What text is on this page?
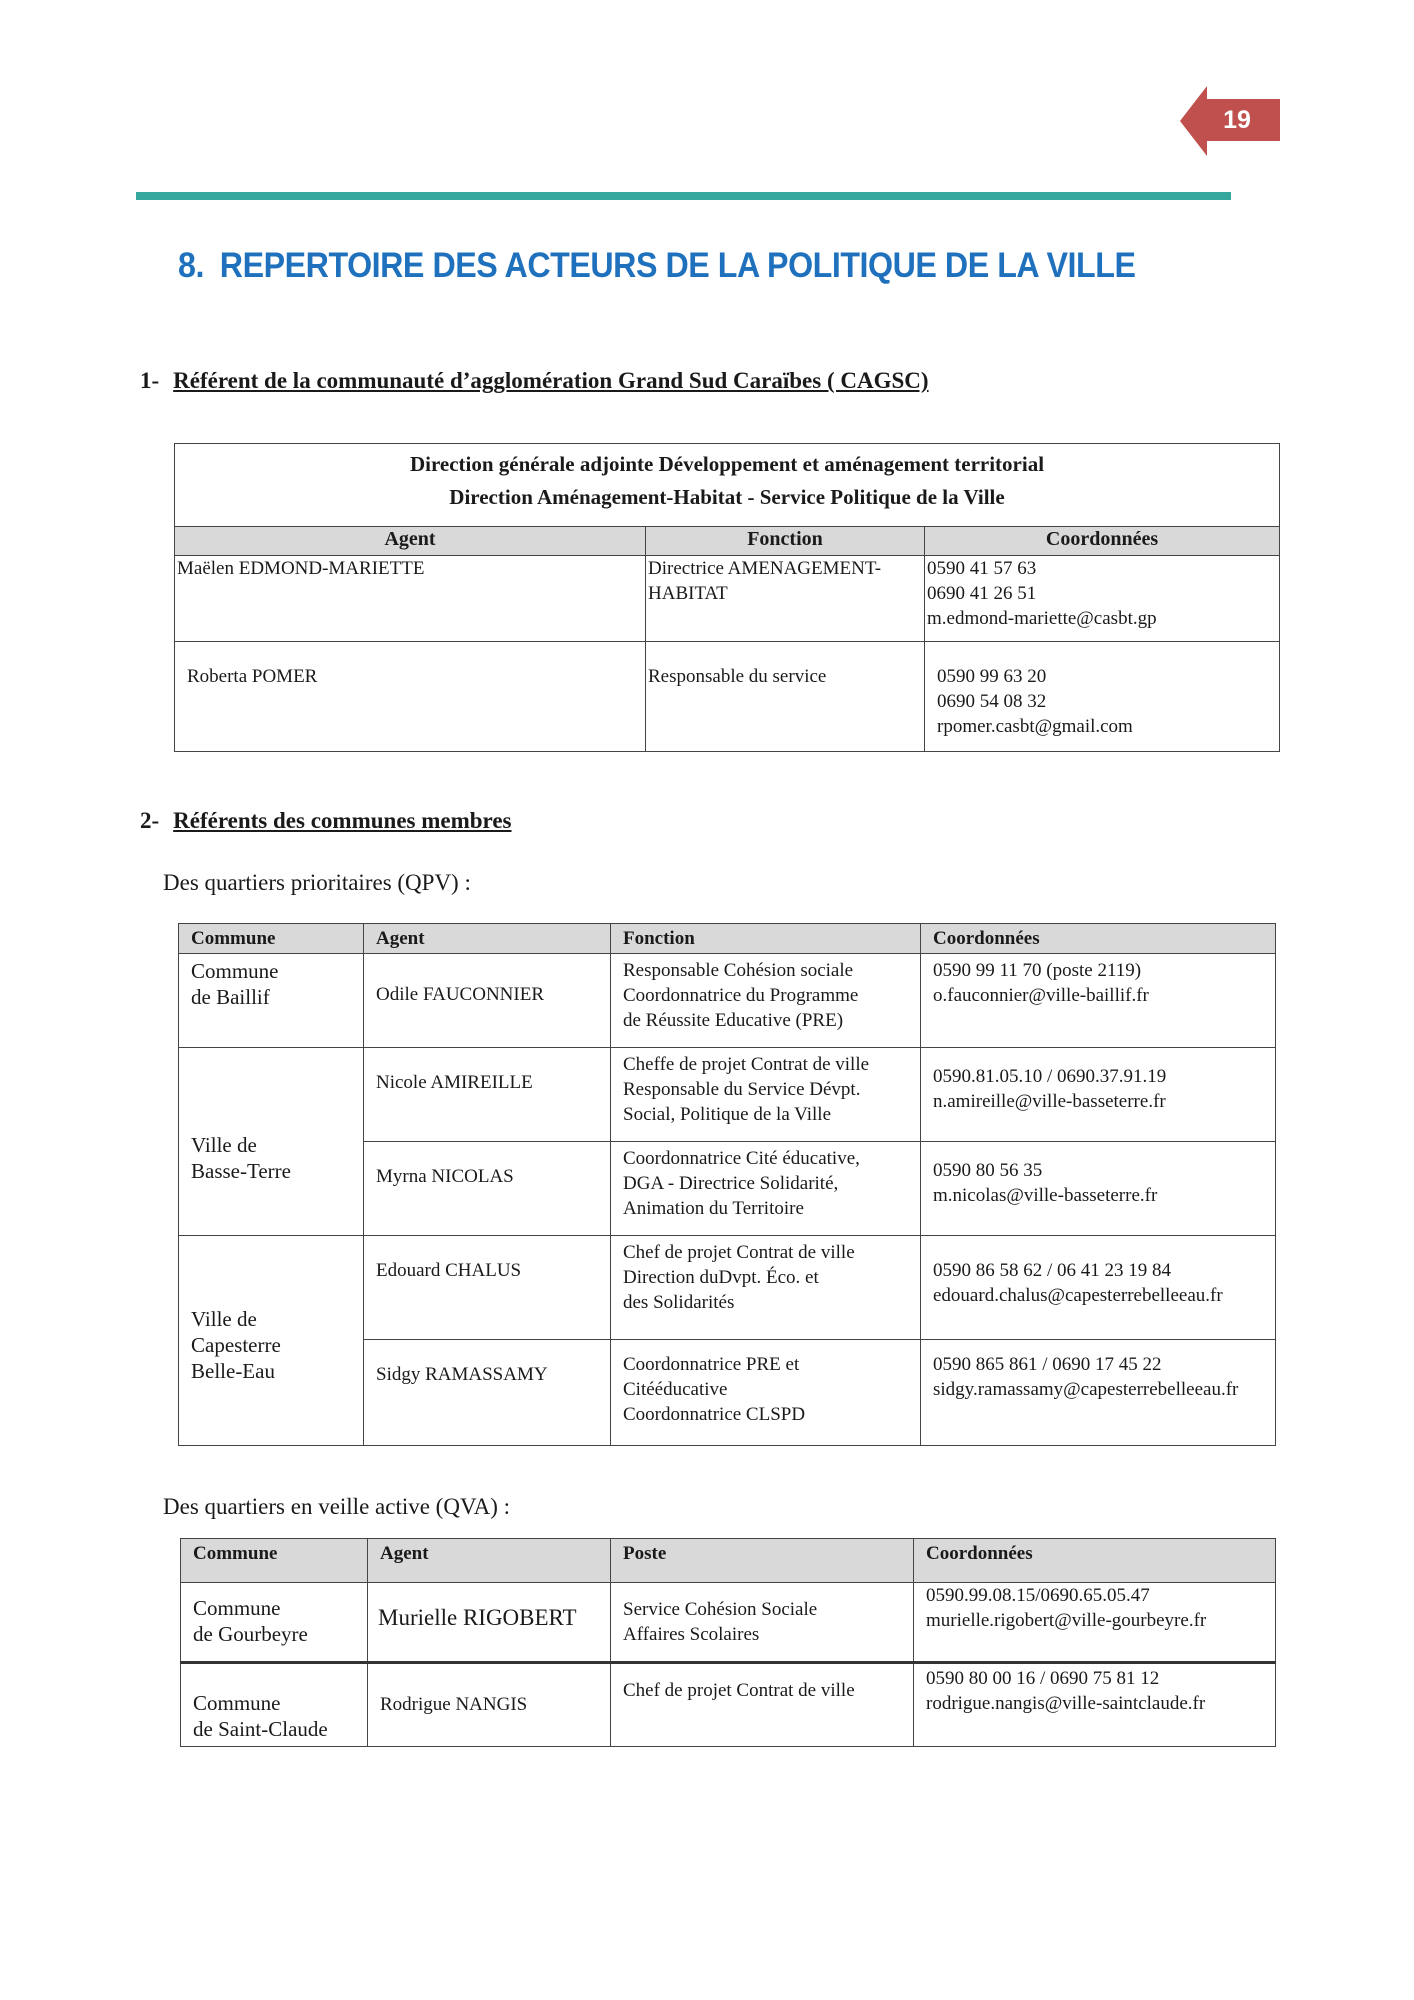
19
8. REPERTOIRE DES ACTEURS DE LA POLITIQUE DE LA VILLE
1- Référent de la communauté d’agglomération Grand Sud Caraïbes ( CAGSC)
Direction générale adjointe Développement et aménagement territorial
Direction Aménagement-Habitat - Service Politique de la Ville		

Agent	Fonction	Coordonnées
Maëlen EDMOND-MARIETTE	Directrice AMENAGEMENT-
HABITAT	0590 41 57 63
0690 41 26 51
m.edmond-mariette@casbt.gp

Roberta POMER	Responsable du service	0590 99 63 20
0690 54 08 32
rpomer.casbt@gmail.com
2- Référents des communes membres
Des quartiers prioritaires (QPV) :
Commune	Agent	Fonction	Coordonnées

Commune
de Baillif	Odile FAUCONNIER	Responsable Cohésion sociale
Coordonnatrice du Programme
de Réussite Educative (PRE)	0590 99 11 70 (poste 2119)
o.fauconnier@ville-baillif.fr

Ville de
Basse-Terre	Nicole AMIREILLE	Cheffe de projet Contrat de ville
Responsable du Service Dévpt.
Social, Politique de la Ville	0590.81.05.10 / 0690.37.91.19
n.amireille@ville-basseterre.fr

	Myrna NICOLAS	Coordonnatrice Cité éducative,
DGA - Directrice Solidarité,
Animation du Territoire	0590 80 56 35
m.nicolas@ville-basseterre.fr

Ville de
Capesterre
Belle-Eau	Edouard CHALUS	Chef de projet Contrat de ville
Direction duDvpt. Éco. et
des Solidarités	0590 86 58 62 / 06 41 23 19 84
edouard.chalus@capesterrebelleeau.fr

	Sidgy RAMASSAMY	Coordonnatrice PRE et
Citééducative
Coordonnatrice CLSPD	0590 865 861 / 0690 17 45 22
sidgy.ramassamy@capesterrebelleeau.fr
Des quartiers en veille active (QVA) :
Commune	Agent	Poste	Coordonnées

Commune
de Gourbeyre	Murielle RIGOBERT	Service Cohésion Sociale
Affaires Scolaires	0590.99.08.15/0690.65.05.47
murielle.rigobert@ville-gourbeyre.fr

Commune
de Saint-Claude	Rodrigue NANGIS	Chef de projet Contrat de ville	0590 80 00 16 / 0690 75 81 12
rodrigue.nangis@ville-saintclaude.fr
